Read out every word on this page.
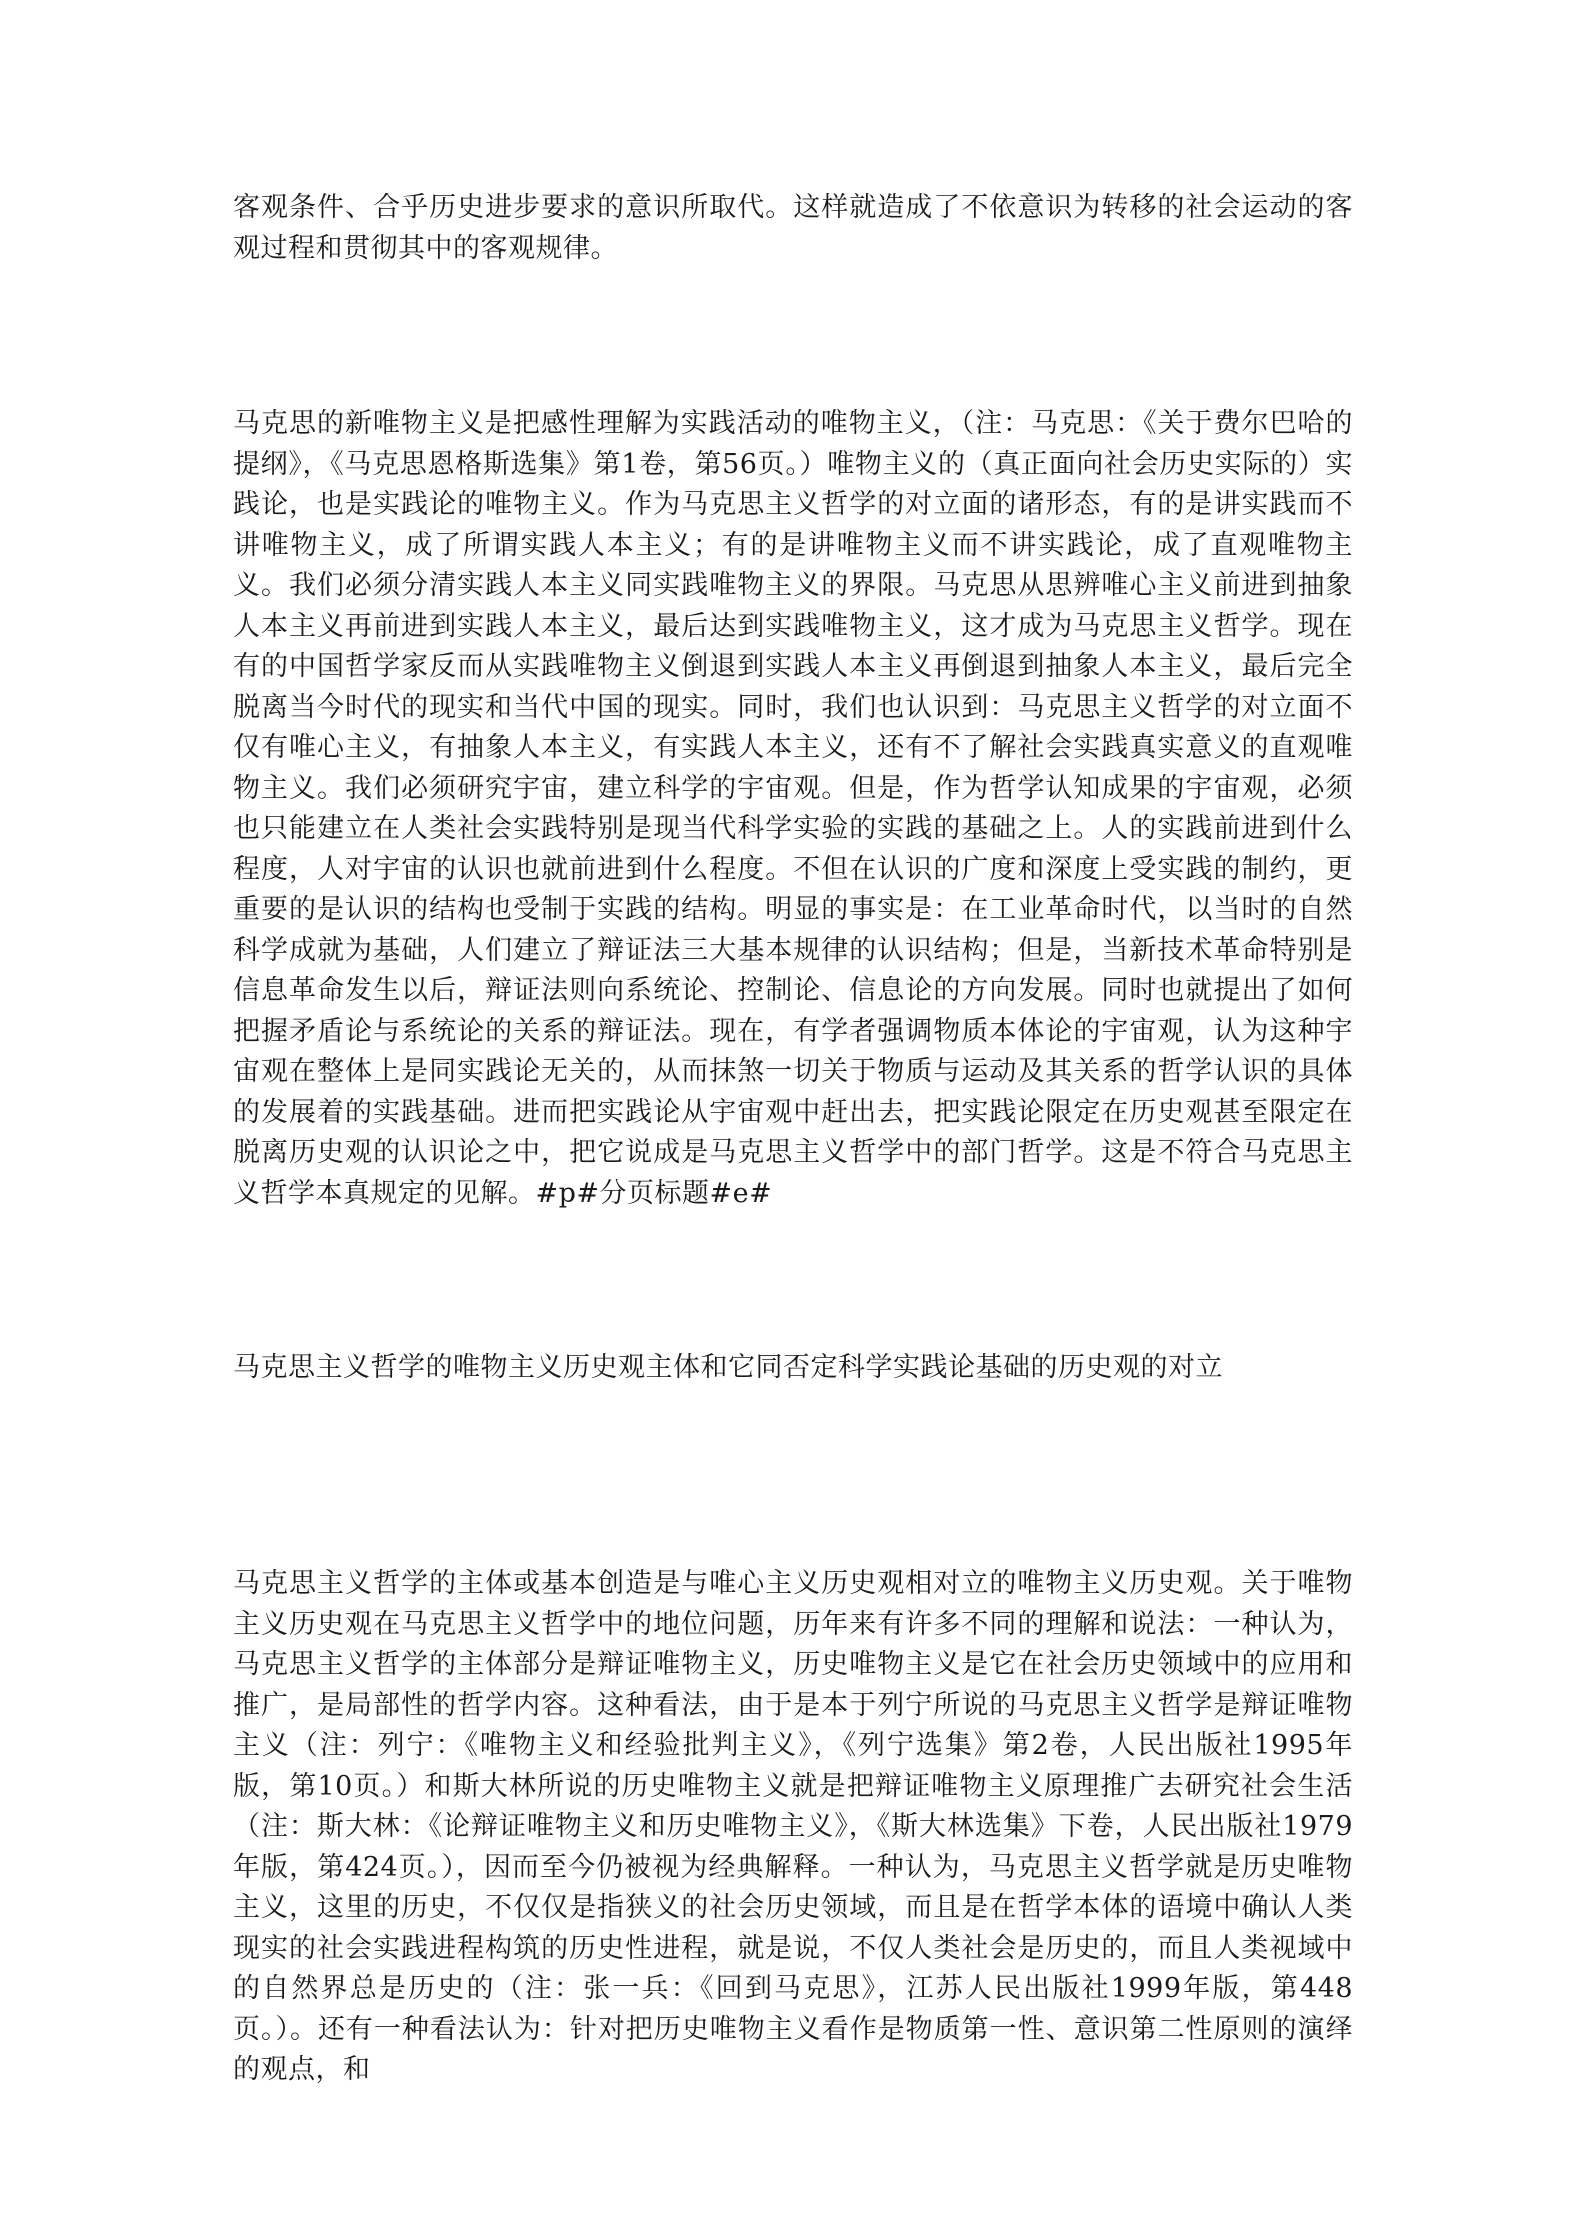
客观条件、合乎历史进步要求的意识所取代。这样就造成了不依意识为转移的社会运动的客观过程和贯彻其中的客观规律。

马克思的新唯物主义是把感性理解为实践活动的唯物主义，（注：马克思：《关于费尔巴哈的提纲》，《马克思恩格斯选集》第1卷，第56页。）唯物主义的（真正面向社会历史实际的）实践论，也是实践论的唯物主义。作为马克思主义哲学的对立面的诸形态，有的是讲实践而不讲唯物主义，成了所谓实践人本主义；有的是讲唯物主义而不讲实践论，成了直观唯物主义。我们必须分清实践人本主义同实践唯物主义的界限。马克思从思辨唯心主义前进到抽象人本主义再前进到实践人本主义，最后达到实践唯物主义，这才成为马克思主义哲学。现在有的中国哲学家反而从实践唯物主义倒退到实践人本主义再倒退到抽象人本主义，最后完全脱离当今时代的现实和当代中国的现实。同时，我们也认识到：马克思主义哲学的对立面不仅有唯心主义，有抽象人本主义，有实践人本主义，还有不了解社会实践真实意义的直观唯物主义。我们必须研究宇宙，建立科学的宇宙观。但是，作为哲学认知成果的宇宙观，必须也只能建立在人类社会实践特别是现当代科学实验的实践的基础之上。人的实践前进到什么程度，人对宇宙的认识也就前进到什么程度。不但在认识的广度和深度上受实践的制约，更重要的是认识的结构也受制于实践的结构。明显的事实是：在工业革命时代，以当时的自然科学成就为基础，人们建立了辩证法三大基本规律的认识结构；但是，当新技术革命特别是信息革命发生以后，辩证法则向系统论、控制论、信息论的方向发展。同时也就提出了如何把握矛盾论与系统论的关系的辩证法。现在，有学者强调物质本体论的宇宙观，认为这种宇宙观在整体上是同实践论无关的，从而抹煞一切关于物质与运动及其关系的哲学认识的具体的发展着的实践基础。进而把实践论从宇宙观中赶出去，把实践论限定在历史观甚至限定在脱离历史观的认识论之中，把它说成是马克思主义哲学中的部门哲学。这是不符合马克思主义哲学本真规定的见解。#p#分页标题#e#

马克思主义哲学的唯物主义历史观主体和它同否定科学实践论基础的历史观的对立

马克思主义哲学的主体或基本创造是与唯心主义历史观相对立的唯物主义历史观。关于唯物主义历史观在马克思主义哲学中的地位问题，历年来有许多不同的理解和说法：一种认为，马克思主义哲学的主体部分是辩证唯物主义，历史唯物主义是它在社会历史领域中的应用和推广，是局部性的哲学内容。这种看法，由于是本于列宁所说的马克思主义哲学是辩证唯物主义（注：列宁：《唯物主义和经验批判主义》，《列宁选集》第2卷，人民出版社1995年版，第10页。）和斯大林所说的历史唯物主义就是把辩证唯物主义原理推广去研究社会生活（注：斯大林：《论辩证唯物主义和历史唯物主义》，《斯大林选集》下卷，人民出版社1979年版，第424页。），因而至今仍被视为经典解释。一种认为，马克思主义哲学就是历史唯物主义，这里的历史，不仅仅是指狭义的社会历史领域，而且是在哲学本体的语境中确认人类现实的社会实践进程构筑的历史性进程，就是说，不仅人类社会是历史的，而且人类视域中的自然界总是历史的（注：张一兵：《回到马克思》，江苏人民出版社1999年版，第448页。）。还有一种看法认为：针对把历史唯物主义看作是物质第一性、意识第二性原则的演绎的观点，和
